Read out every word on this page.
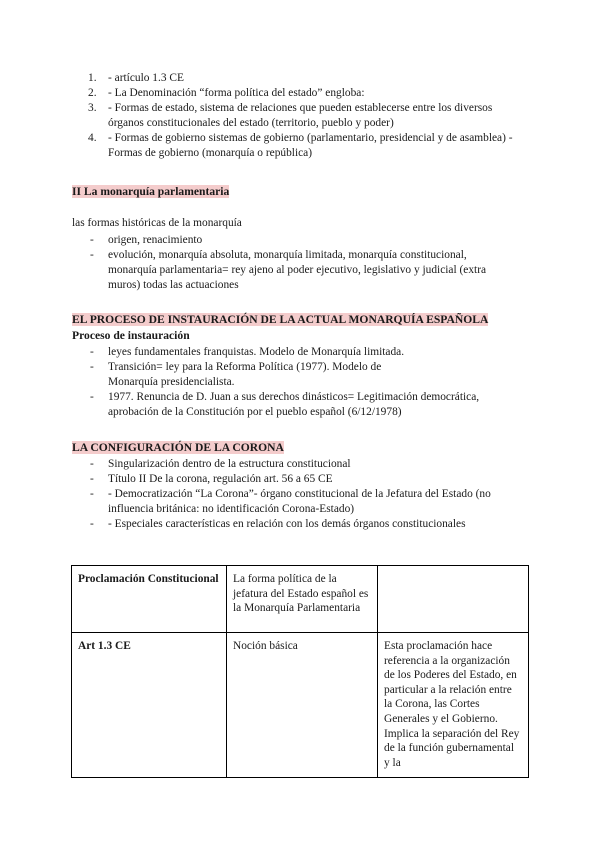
1. - artículo 1.3 CE
2. - La Denominación “forma política del estado” engloba:
3. - Formas de estado, sistema de relaciones que pueden establecerse entre los diversos órganos constitucionales del estado (territorio, pueblo y poder)
4. - Formas de gobierno sistemas de gobierno (parlamentario, presidencial y de asamblea) - Formas de gobierno (monarquía o república)
II La monarquía parlamentaria
las formas históricas de la monarquía
- origen, renacimiento
- evolución, monarquía absoluta, monarquía limitada, monarquía constitucional, monarquía parlamentaria= rey ajeno al poder ejecutivo, legislativo y judicial (extra muros) todas las actuaciones
EL PROCESO DE INSTAURACIÓN DE LA ACTUAL MONARQUÍA ESPAÑOLA
Proceso de instauración
- leyes fundamentales franquistas. Modelo de Monarquía limitada.
- Transición= ley para la Reforma Política (1977). Modelo de Monarquía presidencialista.
- 1977. Renuncia de D. Juan a sus derechos dinásticos= Legitimación democrática, aprobación de la Constitución por el pueblo español (6/12/1978)
LA CONFIGURACIÓN DE LA CORONA
- Singularización dentro de la estructura constitucional
- Título II De la corona, regulación art. 56 a 65 CE
- - Democratización “La Corona”- órgano constitucional de la Jefatura del Estado (no influencia británica: no identificación Corona-Estado)
- - Especiales características en relación con los demás órganos constitucionales
Proclamación Constitucional	La forma política de la jefatura del Estado español es la Monarquía Parlamentaria	
Art 1.3 CE	Noción básica	Esta proclamación hace referencia a la organización de los Poderes del Estado, en particular a la relación entre la Corona, las Cortes Generales y el Gobierno. Implica la separación del Rey de la función gubernamental y la
